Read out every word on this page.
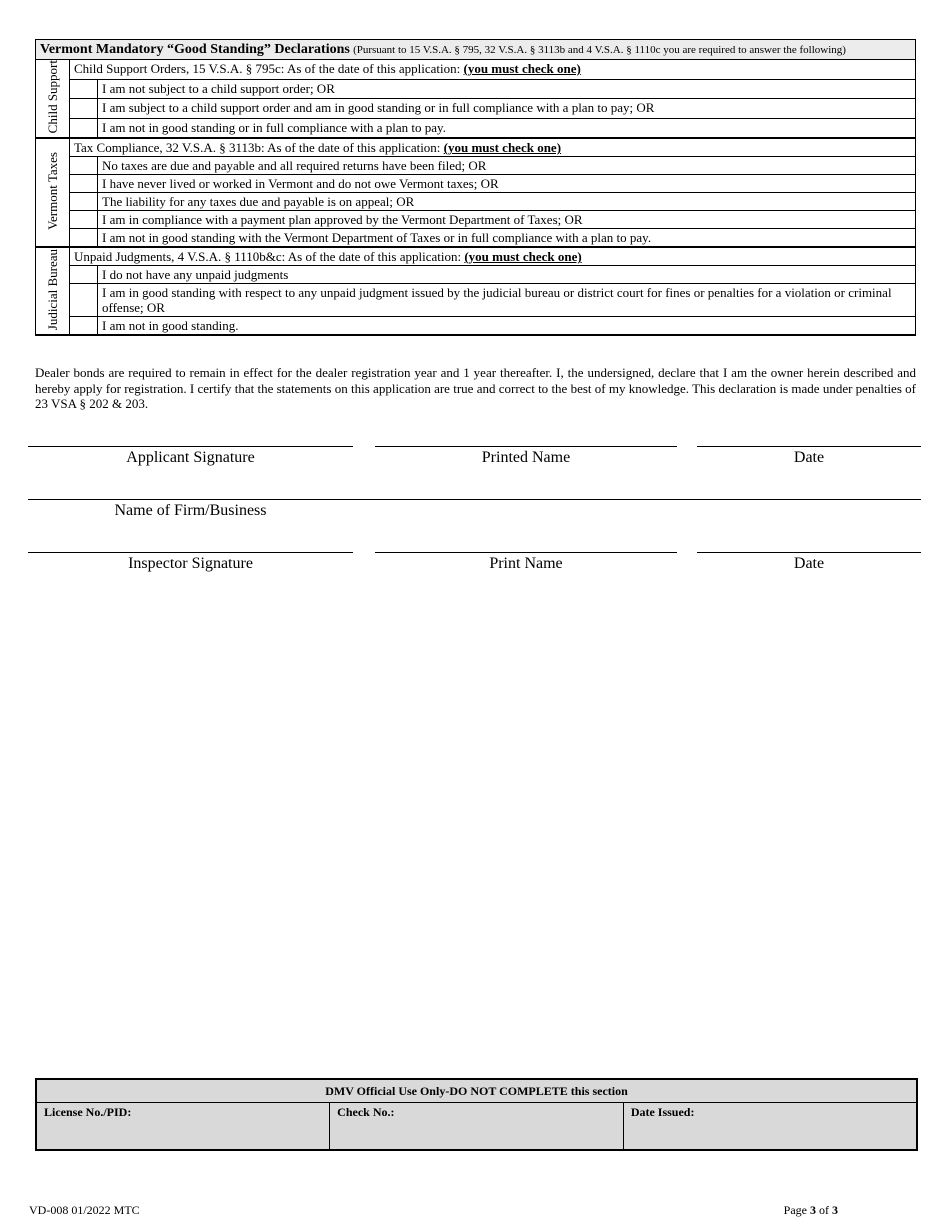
Vermont Mandatory “Good Standing” Declarations (Pursuant to 15 V.S.A. § 795, 32 V.S.A. § 3113b and 4 V.S.A. § 1110c you are required to answer the following)		
Child Support	Child Support Orders, 15 V.S.A. § 795c: As of the date of this application: (you must check one)	
		I am not subject to a child support order; OR
		I am subject to a child support order and am in good standing or in full compliance with a plan to pay; OR
		I am not in good standing or in full compliance with a plan to pay.
Vermont Taxes	Tax Compliance, 32 V.S.A. § 3113b: As of the date of this application: (you must check one)	
		No taxes are due and payable and all required returns have been filed; OR
		I have never lived or worked in Vermont and do not owe Vermont taxes; OR
		The liability for any taxes due and payable is on appeal; OR
		I am in compliance with a payment plan approved by the Vermont Department of Taxes; OR
		I am not in good standing with the Vermont Department of Taxes or in full compliance with a plan to pay.
Judicial Bureau	Unpaid Judgments, 4 V.S.A. § 1110b&c: As of the date of this application: (you must check one)	
		I do not have any unpaid judgments
		I am in good standing with respect to any unpaid judgment issued by the judicial bureau or district court for fines or penalties for a violation or criminal offense; OR
		I am not in good standing.

Dealer bonds are required to remain in effect for the dealer registration year and 1 year thereafter. I, the undersigned, declare that I am the owner herein described and hereby apply for registration. I certify that the statements on this application are true and correct to the best of my knowledge. This declaration is made under penalties of 23 VSA § 202 & 203.

Applicant Signature	Printed Name	Date
Name of Firm/Business
Inspector Signature	Print Name	Date
DMV Official Use Only-DO NOT COMPLETE this section
License No./PID:	Check No.:	Date Issued:
VD-008 01/2022 MTC	Page 3 of 3
